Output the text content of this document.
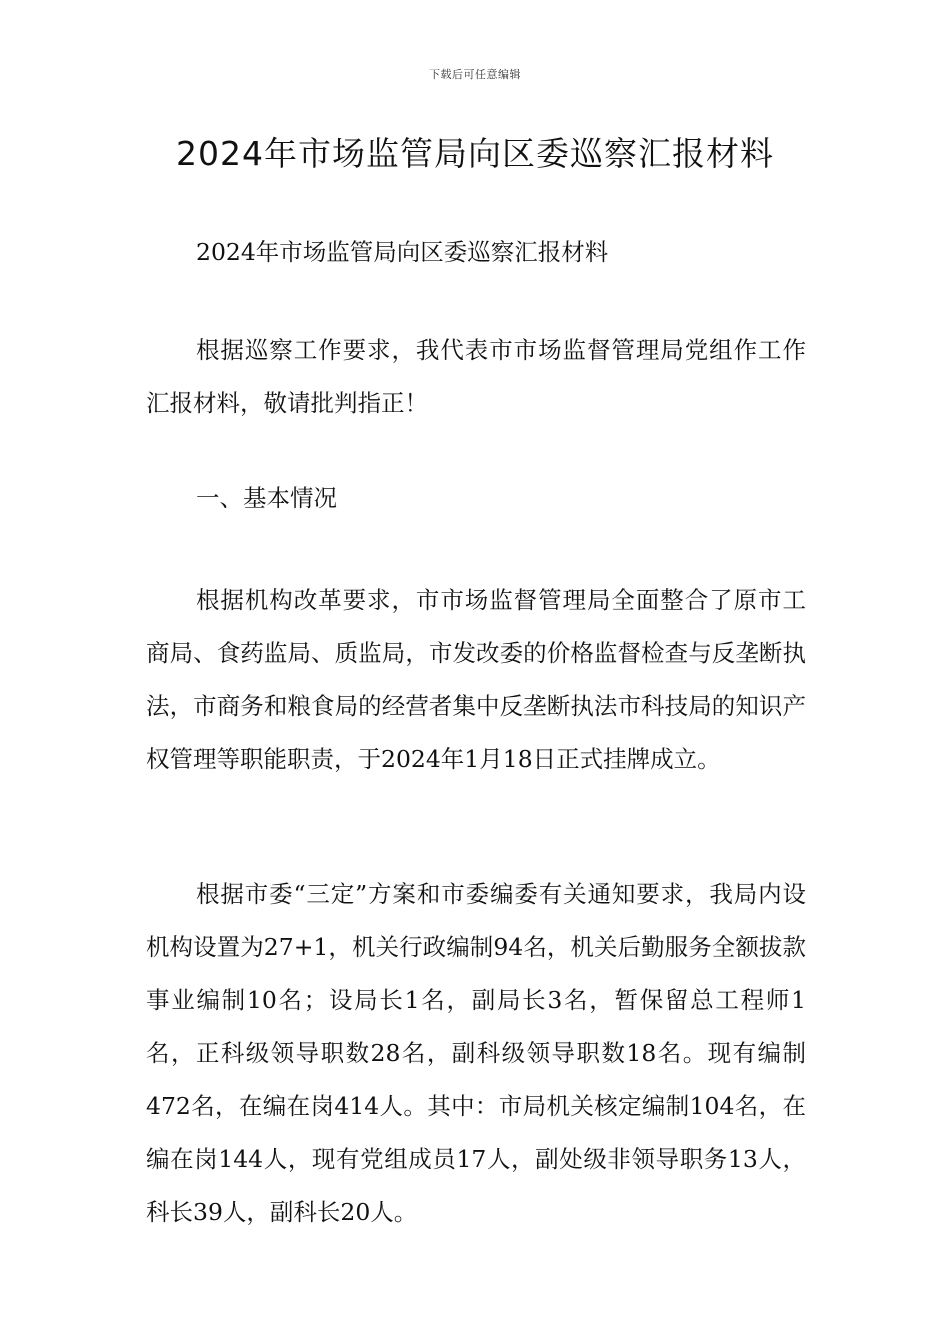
下载后可任意编辑
2024年市场监管局向区委巡察汇报材料

2024年市场监管局向区委巡察汇报材料

根据巡察工作要求，我代表市市场监督管理局党组作工作汇报材料，敬请批判指正！

一、基本情况

根据机构改革要求，市市场监督管理局全面整合了原市工商局、食药监局、质监局，市发改委的价格监督检查与反垄断执法，市商务和粮食局的经营者集中反垄断执法市科技局的知识产权管理等职能职责，于2024年1月18日正式挂牌成立。

根据市委“三定”方案和市委编委有关通知要求，我局内设机构设置为27+1，机关行政编制94名，机关后勤服务全额拔款事业编制10名；设局长1名，副局长3名，暂保留总工程师1名，正科级领导职数28名，副科级领导职数18名。现有编制472名，在编在岗414人。其中：市局机关核定编制104名，在编在岗144人，现有党组成员17人，副处级非领导职务13人，科长39人，副科长20人。
